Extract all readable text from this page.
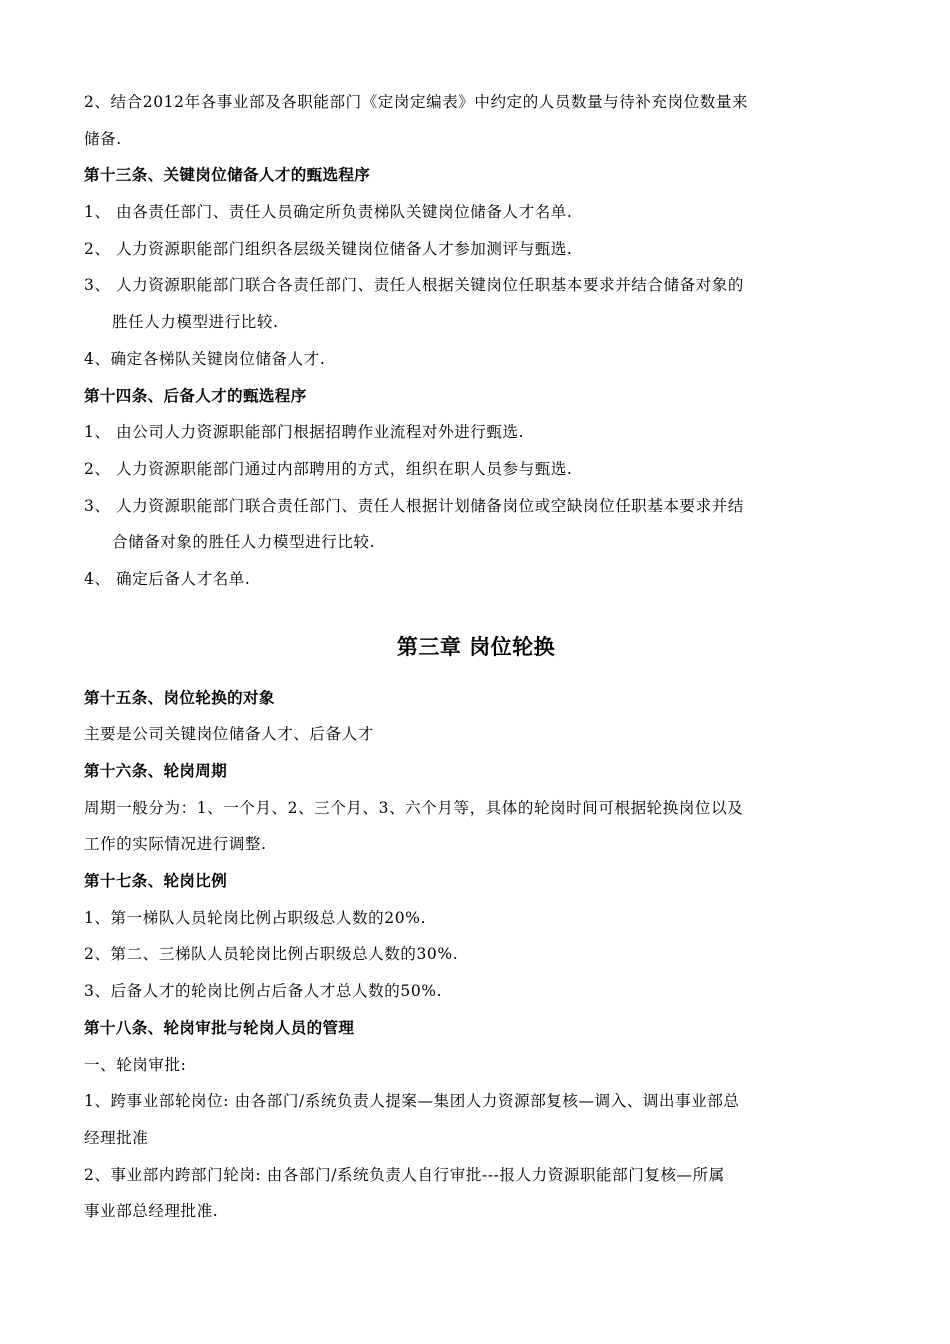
2、结合2012年各事业部及各职能部门《定岗定编表》中约定的人员数量与待补充岗位数量来
储备.
第十三条、关键岗位储备人才的甄选程序
1、 由各责任部门、责任人员确定所负责梯队关键岗位储备人才名单.
2、 人力资源职能部门组织各层级关键岗位储备人才参加测评与甄选.
3、 人力资源职能部门联合各责任部门、责任人根据关键岗位任职基本要求并结合储备对象的
胜任人力模型进行比较.
4、确定各梯队关键岗位储备人才.
第十四条、后备人才的甄选程序
1、 由公司人力资源职能部门根据招聘作业流程对外进行甄选.
2、 人力资源职能部门通过内部聘用的方式，组织在职人员参与甄选.
3、 人力资源职能部门联合责任部门、责任人根据计划储备岗位或空缺岗位任职基本要求并结
合储备对象的胜任人力模型进行比较.
4、 确定后备人才名单.
第三章 岗位轮换
第十五条、岗位轮换的对象
主要是公司关键岗位储备人才、后备人才
第十六条、轮岗周期
周期一般分为：1、一个月、2、三个月、3、六个月等，具体的轮岗时间可根据轮换岗位以及
工作的实际情况进行调整.
第十七条、轮岗比例
1、第一梯队人员轮岗比例占职级总人数的20%.
2、第二、三梯队人员轮岗比例占职级总人数的30%.
3、后备人才的轮岗比例占后备人才总人数的50%.
第十八条、轮岗审批与轮岗人员的管理
一、轮岗审批:
1、跨事业部轮岗位: 由各部门/系统负责人提案—集团人力资源部复核—调入、调出事业部总
经理批准
2、事业部内跨部门轮岗: 由各部门/系统负责人自行审批---报人力资源职能部门复核—所属
事业部总经理批准.
